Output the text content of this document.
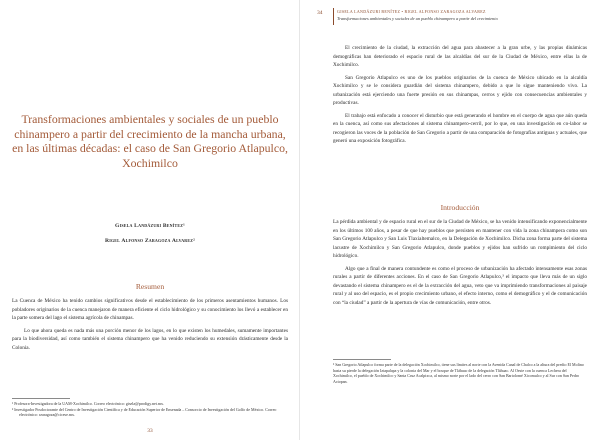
Transformaciones ambientales y sociales de un pueblo chinampero a partir del crecimiento de la mancha urbana, en las últimas décadas: el caso de San Gregorio Atlapulco, Xochimilco
Gisela Landázuri Benítez¹
Rigel Alfonso Zaragoza Alvarez²
Resumen

La Cuenca de México ha tenido cambios significativos desde el establecimiento de los primeros asentamientos humanos. Los pobladores originarios de la cuenca manejaron de manera eficiente el ciclo hidrológico y su conocimiento los llevó a establecer en la parte somera del lago el sistema agrícola de chinampas.

Lo que ahora queda es nada más una porción menor de los lagos, en lo que existen los humedales, sumamente importantes para la biodiversidad, así como también el sistema chinampero que ha venido reduciendo su extensión drásticamente desde la Colonia.

¹ Profesora-Investigadora de la UAM-Xochimilco. Correo electrónico: gisela@prodigy.net.mx.
² Investigador Posdoctorante del Centro de Investigación Científica y de Educación Superior de Ensenada – Consorcio de Investigación del Golfo de México. Correo electrónico: rzaragoza@cicese.mx.
33
34	GISELA LANDÁZURI BENÍTEZ • RIGEL ALFONSO ZARAGOZA ALVAREZ
Transformaciones ambientales y sociales de un pueblo chinampero a partir del crecimiento

El crecimiento de la ciudad, la extracción del agua para abastecer a la gran urbe, y las propias dinámicas demográficas han deteriorado el espacio rural de las alcaldías del sur de la Ciudad de México, entre ellas la de Xochimilco.

San Gregorio Atlapulco es uno de los pueblos originarios de la cuenca de México ubicado en la alcaldía Xochimilco y se le considera guardián del sistema chinampero, debido a que lo sigue manteniendo vivo. La urbanización está ejerciendo una fuerte presión en sus chinampas, cerros y ejido con consecuencias ambientales y productivas.

El trabajo está enfocado a conocer el disturbio que está generando el hombre en el cuerpo de agua que aún queda en la cuenca, así como sus afectaciones al sistema chinampero-cerril, por lo que, en una investigación en co-labor se recogieron las voces de la población de San Gregorio a partir de una comparación de fotografías antiguas y actuales, que generó una exposición fotográfica.

Introducción

La pérdida ambiental y de espacio rural en el sur de la Ciudad de México, se ha venido intensificando exponencialmente en los últimos 100 años, a pesar de que hay pueblos que persisten en mantener con vida la zona chinampera como son San Gregorio Atlapulco y San Luis Tlaxialtemalco, en la Delegación de Xochimilco. Dicha zona forma parte del sistema lacustre de Xochimilco y San Gregorio Atlapulco, donde pueblos y ejidos han sufrido un rompimiento del ciclo hidrológico.

Algo que a final de manera contundente es como el proceso de urbanización ha afectado intensamente esas zonas rurales a partir de diferentes acciones. En el caso de San Gregorio Atlapulco,³ el impacto que lleva más de un siglo devastando el sistema chinampero es el de la extracción del agua, veto que va imprimiendo transformaciones al paisaje rural y al uso del espacio, es el propio crecimiento urbano, el efecto interno, como el demográfico y el de comunicación con “la ciudad” a partir de la apertura de vías de comunicación, entre otros.

³ San Gregorio Atlapulco forma parte de la delegación Xochimilco, tiene sus límites al norte con la Avenida Canal de Chalco a la altura del predio El Molino hasta su pierde la delegación Iztapalapa y la colonia del Mar y el bosque de Tláhuac de la delegación Tláhuac. Al Oeste con la cuenca Lechera del Xochimilco, el pueblo de Xochimilco y Santa Cruz Acalpixca, al mismo norte por el lado del cerro con San Bartolomé Xicomulco y al Sur con San Pedro Actopan.
